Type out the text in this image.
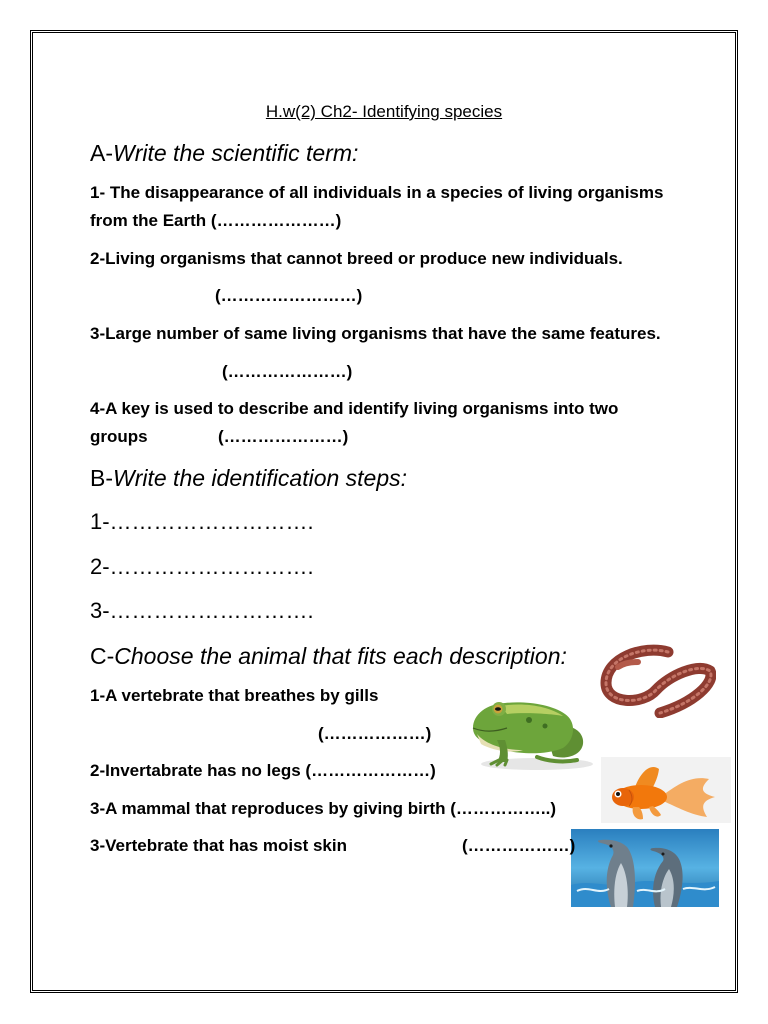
H.w(2) Ch2- Identifying species
A-Write the scientific term:
1- The disappearance of all individuals in a species of living organisms
from the Earth (…………………)
2-Living organisms that cannot breed or produce new individuals.
(……………………)
3-Large number of same living organisms that have the same features.
(…………………)
4-A key is used to describe and identify living organisms into two
groups	(…………………)
B-Write the identification steps:
1-……………………….
2-……………………….
3-……………………….
C-Choose the animal that fits each description:
1-A vertebrate that breathes by gills
(………………)
2-Invertabrate has no legs (…………………)
3-A mammal that reproduces by giving birth (……………..)
3-Vertebrate that has moist skin	(………………)
